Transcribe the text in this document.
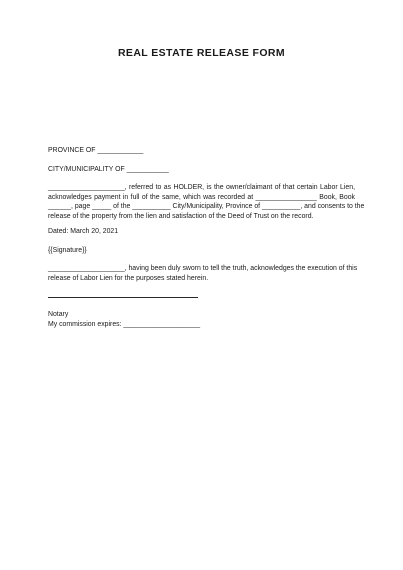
REAL ESTATE RELEASE FORM
PROVINCE OF ____________
CITY/MUNICIPALITY OF ___________
____________________, referred to as HOLDER, is the owner/claimant of that certain Labor Lien,
acknowledges payment in full of the same, which was recorded at ________________ Book, Book
______, page _____ of the __________ City/Municipality, Province of __________, and consents to the
release of the property from the lien and satisfaction of the Deed of Trust on the record.
Dated: March 20, 2021
{{Signature}}
____________________, having been duly sworn to tell the truth, acknowledges the execution of this
release of Labor Lien for the purposes stated herein.
Notary
My commission expires: ____________________
